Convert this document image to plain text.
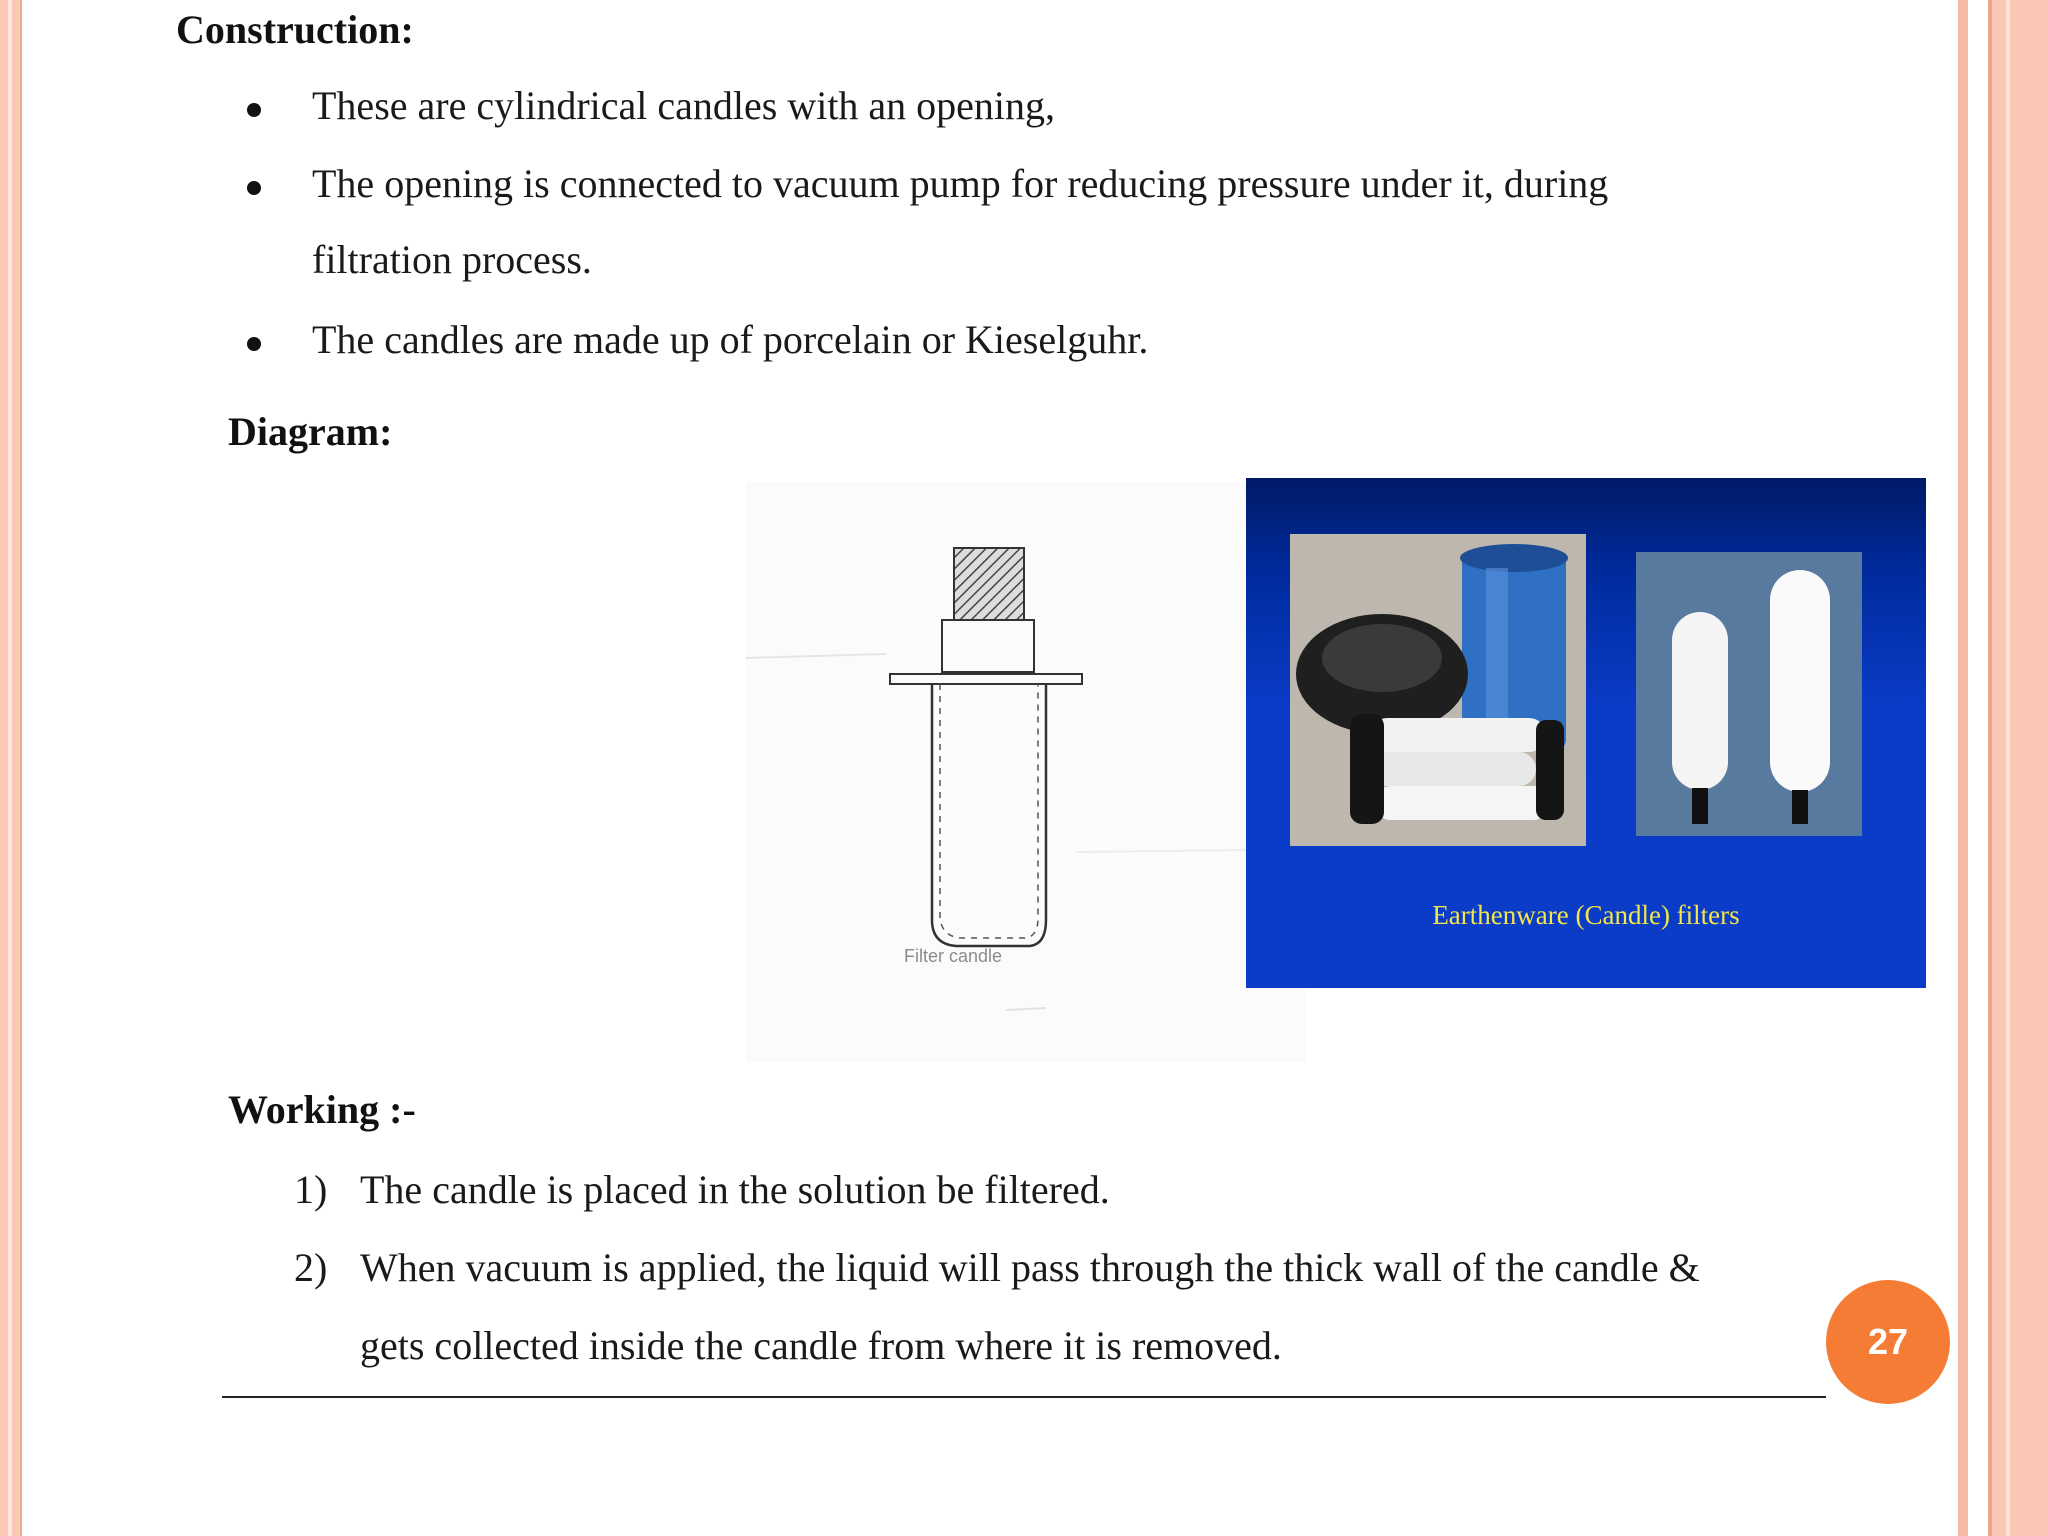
Construction:
These are cylindrical candles with an opening,
The opening is connected to vacuum pump for reducing pressure under it, during
filtration process.
The candles are made up of porcelain or Kieselguhr.
Diagram:
Filter candle
Earthenware (Candle) filters
Working :-
1) The candle is placed in the solution be filtered.
2) When vacuum is applied, the liquid will pass through the thick wall of the candle &
gets collected inside the candle from where it is removed.	27
